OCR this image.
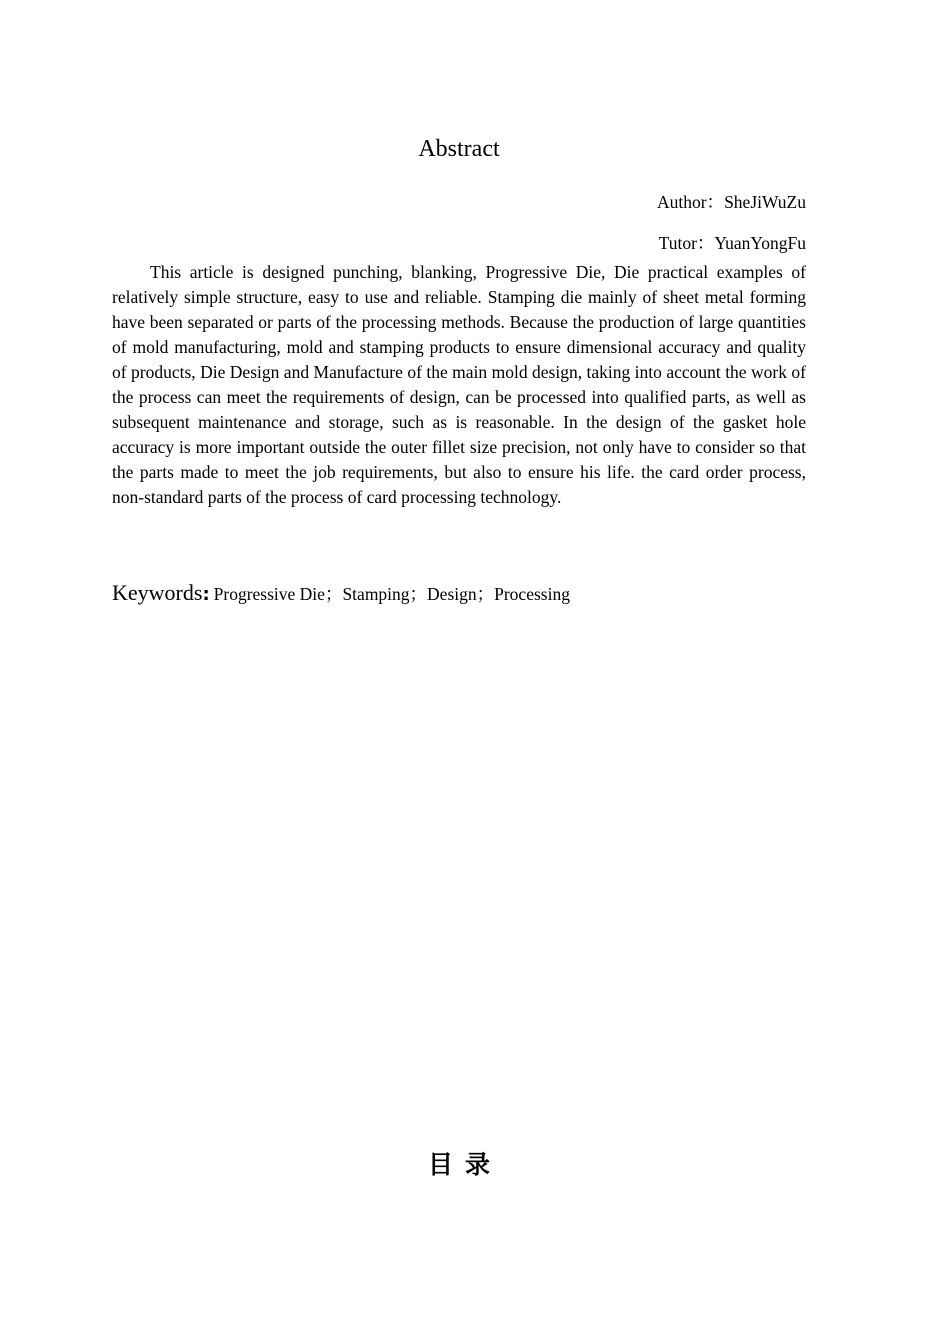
Abstract
Author：SheJiWuZu
Tutor：YuanYongFu

This article is designed punching, blanking, Progressive Die, Die practical examples of relatively simple structure, easy to use and reliable. Stamping die mainly of sheet metal forming have been separated or parts of the processing methods. Because the production of large quantities of mold manufacturing, mold and stamping products to ensure dimensional accuracy and quality of products, Die Design and Manufacture of the main mold design, taking into account the work of the process can meet the requirements of design, can be processed into qualified parts, as well as subsequent maintenance and storage, such as is reasonable. In the design of the gasket hole accuracy is more important outside the outer fillet size precision, not only have to consider so that the parts made to meet the job requirements, but also to ensure his life. the card order process, non-standard parts of the process of card processing technology.

Keywords: Progressive Die；Stamping；Design；Processing
目录
